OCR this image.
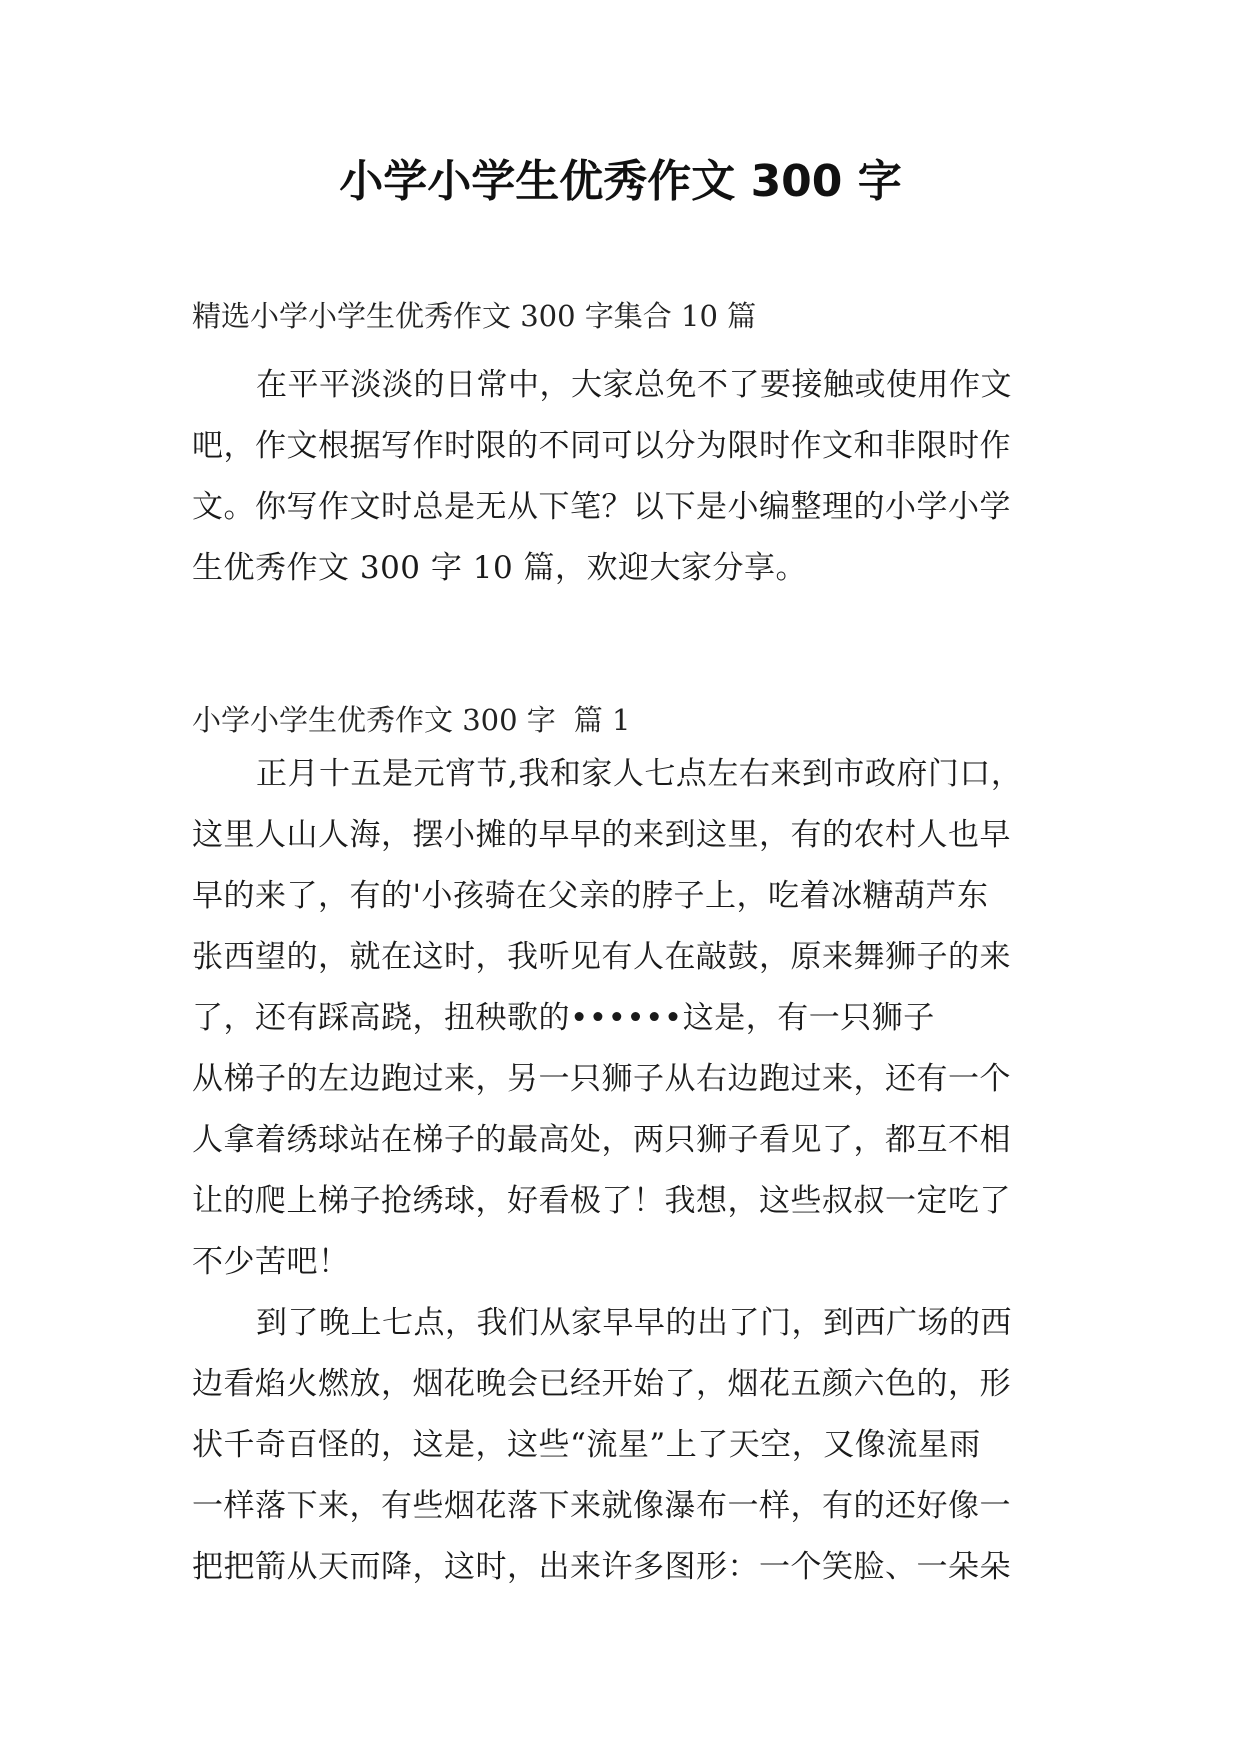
小学小学生优秀作文 300 字

精选小学小学生优秀作文 300 字集合 10 篇

在平平淡淡的日常中，大家总免不了要接触或使用作文
吧，作文根据写作时限的不同可以分为限时作文和非限时作
文。你写作文时总是无从下笔？以下是小编整理的小学小学
生优秀作文 300 字 10 篇，欢迎大家分享。

小学小学生优秀作文 300 字 篇 1

正月十五是元宵节,我和家人七点左右来到市政府门口，
这里人山人海，摆小摊的早早的来到这里，有的农村人也早
早的来了，有的'小孩骑在父亲的脖子上，吃着冰糖葫芦东
张西望的，就在这时，我听见有人在敲鼓，原来舞狮子的来
了，还有踩高跷，扭秧歌的••••••这是，有一只狮子
从梯子的左边跑过来，另一只狮子从右边跑过来，还有一个
人拿着绣球站在梯子的最高处，两只狮子看见了，都互不相
让的爬上梯子抢绣球，好看极了！我想，这些叔叔一定吃了
不少苦吧！
到了晚上七点，我们从家早早的出了门，到西广场的西
边看焰火燃放，烟花晚会已经开始了，烟花五颜六色的，形
状千奇百怪的，这是，这些“流星”上了天空，又像流星雨
一样落下来，有些烟花落下来就像瀑布一样，有的还好像一
把把箭从天而降，这时，出来许多图形：一个笑脸、一朵朵
